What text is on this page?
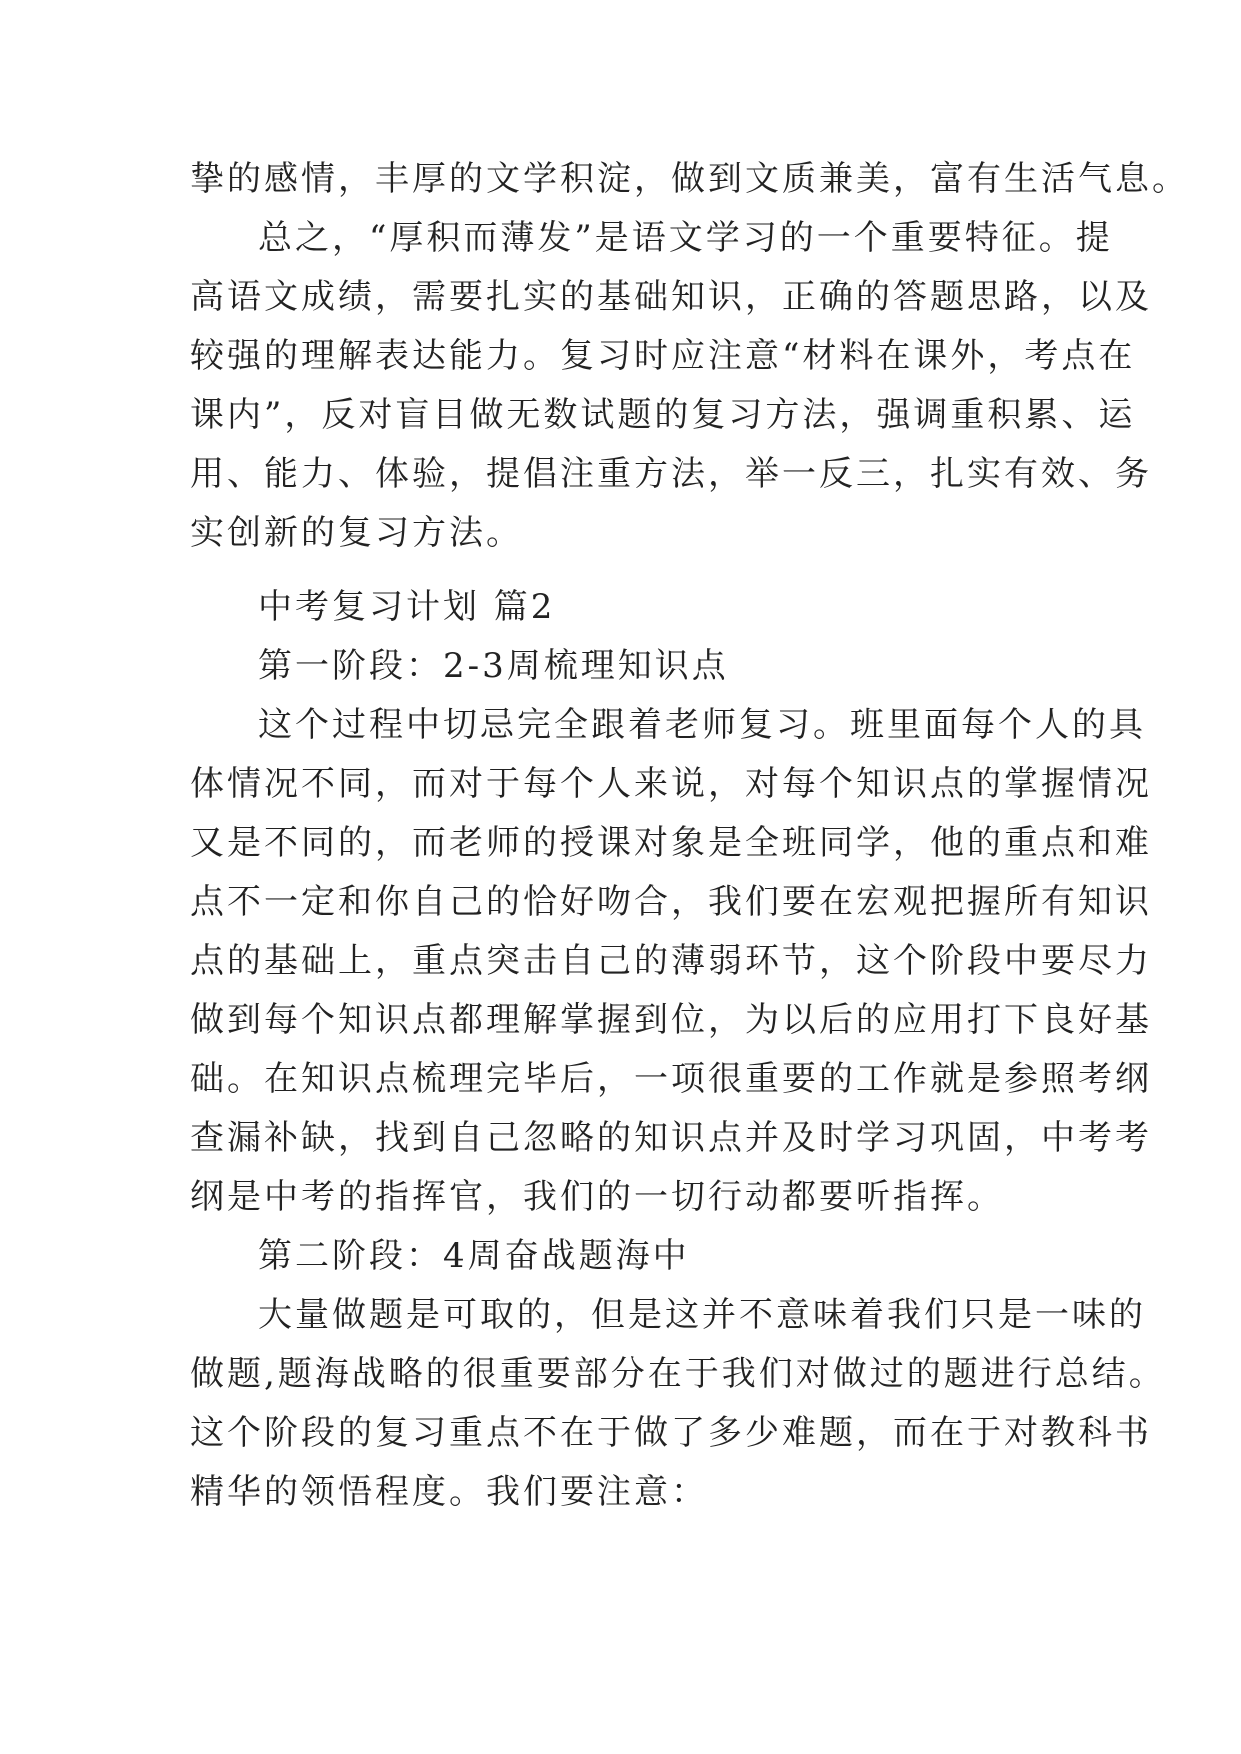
挚的感情，丰厚的文学积淀，做到文质兼美，富有生活气息。
总之，“厚积而薄发”是语文学习的一个重要特征。提
高语文成绩，需要扎实的基础知识，正确的答题思路，以及
较强的理解表达能力。复习时应注意“材料在课外，考点在
课内”，反对盲目做无数试题的复习方法，强调重积累、运
用、能力、体验，提倡注重方法，举一反三，扎实有效、务
实创新的复习方法。
中考复习计划 篇2
第一阶段：2-3周梳理知识点
这个过程中切忌完全跟着老师复习。班里面每个人的具
体情况不同，而对于每个人来说，对每个知识点的掌握情况
又是不同的，而老师的授课对象是全班同学，他的重点和难
点不一定和你自己的恰好吻合，我们要在宏观把握所有知识
点的基础上，重点突击自己的薄弱环节，这个阶段中要尽力
做到每个知识点都理解掌握到位，为以后的应用打下良好基
础。在知识点梳理完毕后，一项很重要的工作就是参照考纲
查漏补缺，找到自己忽略的知识点并及时学习巩固，中考考
纲是中考的指挥官，我们的一切行动都要听指挥。
第二阶段：4周奋战题海中
大量做题是可取的，但是这并不意味着我们只是一味的
做题,题海战略的很重要部分在于我们对做过的题进行总结。
这个阶段的复习重点不在于做了多少难题，而在于对教科书
精华的领悟程度。我们要注意：
